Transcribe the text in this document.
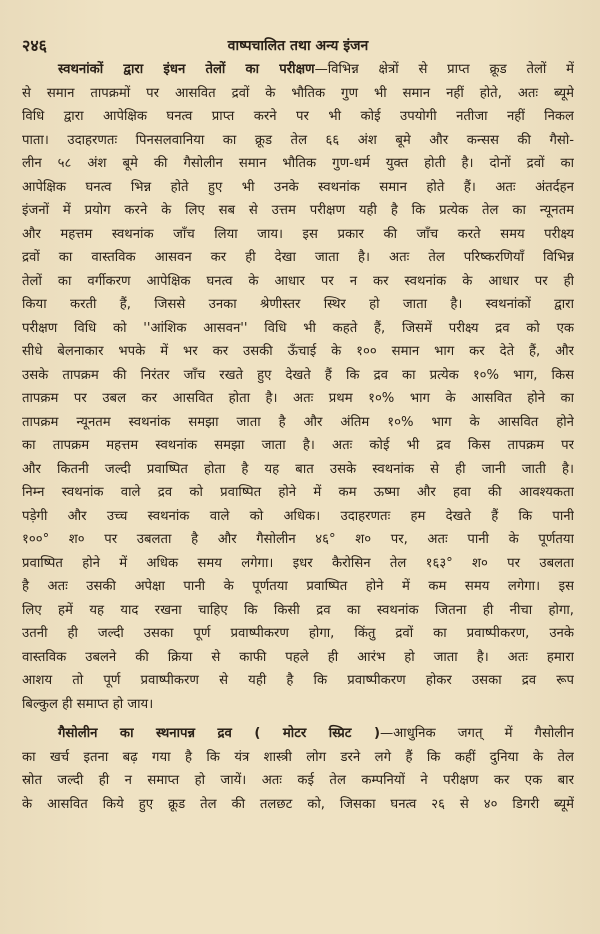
२४६	वाष्पचालित तथा अन्य इंजन
स्वथनांकों द्वारा इंधन तेलों का परीक्षण—विभिन्न क्षेत्रों से प्राप्त क्रूड तेलों में
से समान तापक्रमों पर आसवित द्रवों के भौतिक गुण भी समान नहीं होते, अतः ब्यूमे
विधि द्वारा आपेक्षिक घनत्व प्राप्त करने पर भी कोई उपयोगी नतीजा नहीं निकल
पाता। उदाहरणतः पिनसलवानिया का क्रूड तेल ६६ अंश बूमे और कन्सस की गैसो-
लीन ५८ अंश बूमे की गैसोलीन समान भौतिक गुण-धर्म युक्त होती है। दोनों द्रवों का
आपेक्षिक घनत्व भिन्न होते हुए भी उनके स्वथनांक समान होते हैं। अतः अंतर्दहन
इंजनों में प्रयोग करने के लिए सब से उत्तम परीक्षण यही है कि प्रत्येक तेल का न्यूनतम
और महत्तम स्वथनांक जाँच लिया जाय। इस प्रकार की जाँच करते समय परीक्ष्य
द्रवों का वास्तविक आसवन कर ही देखा जाता है। अतः तेल परिष्करणियाँ विभिन्न
तेलों का वर्गीकरण आपेक्षिक घनत्व के आधार पर न कर स्वथनांक के आधार पर ही
किया करती हैं, जिससे उनका श्रेणीस्तर स्थिर हो जाता है। स्वथनांकों द्वारा
परीक्षण विधि को ''आंशिक आसवन'' विधि भी कहते हैं, जिसमें परीक्ष्य द्रव को एक
सीधे बेलनाकार भपके में भर कर उसकी ऊँचाई के १०० समान भाग कर देते हैं, और
उसके तापक्रम की निरंतर जाँच रखते हुए देखते हैं कि द्रव का प्रत्येक १०% भाग, किस
तापक्रम पर उबल कर आसवित होता है। अतः प्रथम १०% भाग के आसवित होने का
तापक्रम न्यूनतम स्वथनांक समझा जाता है और अंतिम १०% भाग के आसवित होने
का तापक्रम महत्तम स्वथनांक समझा जाता है। अतः कोई भी द्रव किस तापक्रम पर
और कितनी जल्दी प्रवाष्पित होता है यह बात उसके स्वथनांक से ही जानी जाती है।
निम्न स्वथनांक वाले द्रव को प्रवाष्पित होने में कम ऊष्मा और हवा की आवश्यकता
पड़ेगी और उच्च स्वथनांक वाले को अधिक। उदाहरणतः हम देखते हैं कि पानी
१००° श० पर उबलता है और गैसोलीन ४६° श० पर, अतः पानी के पूर्णतया
प्रवाष्पित होने में अधिक समय लगेगा। इधर कैरोसिन तेल १६३° श० पर उबलता
है अतः उसकी अपेक्षा पानी के पूर्णतया प्रवाष्पित होने में कम समय लगेगा। इस
लिए हमें यह याद रखना चाहिए कि किसी द्रव का स्वथनांक जितना ही नीचा होगा,
उतनी ही जल्दी उसका पूर्ण प्रवाष्पीकरण होगा, किंतु द्रवों का प्रवाष्पीकरण, उनके
वास्तविक उबलने की क्रिया से काफी पहले ही आरंभ हो जाता है। अतः हमारा
आशय तो पूर्ण प्रवाष्पीकरण से यही है कि प्रवाष्पीकरण होकर उसका द्रव रूप
बिल्कुल ही समाप्त हो जाय।
गैसोलीन का स्थनापन्न द्रव ( मोटर स्प्रिट )—आधुनिक जगत् में गैसोलीन
का खर्च इतना बढ़ गया है कि यंत्र शास्त्री लोग डरने लगे हैं कि कहीं दुनिया के तेल
स्रोत जल्दी ही न समाप्त हो जायें। अतः कई तेल कम्पनियों ने परीक्षण कर एक बार
के आसवित किये हुए क्रूड तेल की तलछट को, जिसका घनत्व २६ से ४० डिगरी ब्यूमें
